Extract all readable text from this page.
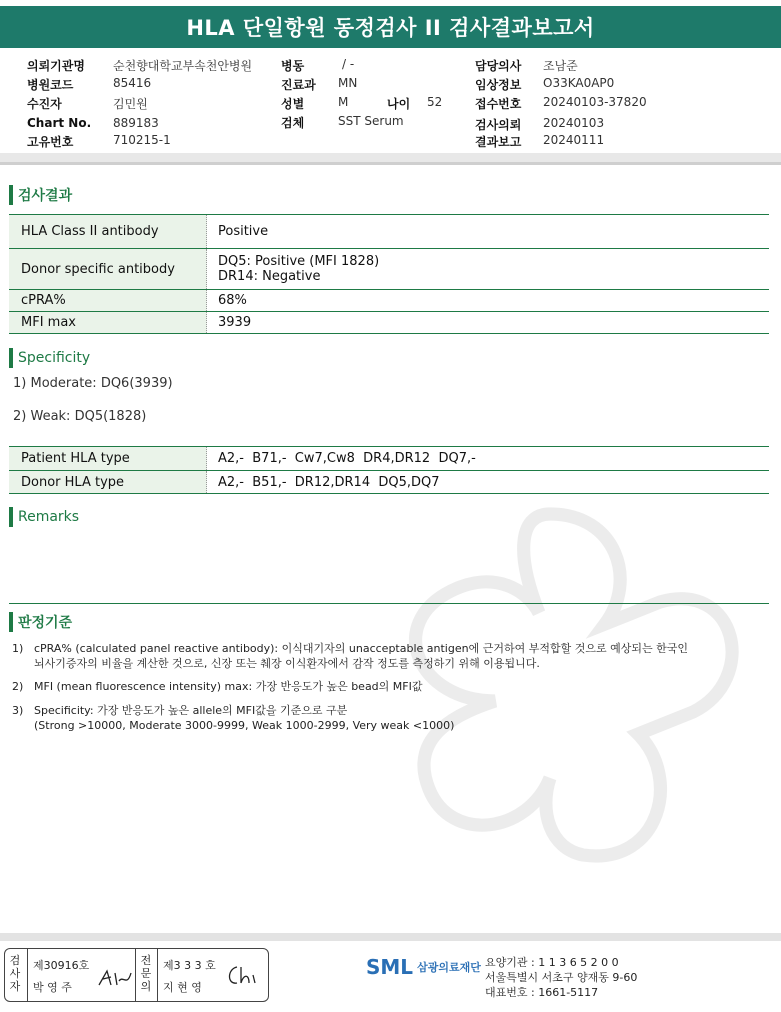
HLA 단일항원 동정검사 II 검사결과보고서
의뢰기관명 순천향대학교부속천안병원
병원코드	85416
수진자	김민원
Chart No. 889183
고유번호	710215-1
병동	/ -
진료과 MN
성별	M	나이 52
검체	SST Serum
담당의사 조남준
임상정보 O33KA0AP0
접수번호 20240103-37820
검사의뢰 20240103
결과보고 20240111
검사결과
HLA Class II antibody	Positive
Donor specific antibody	DQ5: Positive (MFI 1828)
DR14: Negative
cPRA%	68%
MFI max	3939
Specificity
1) Moderate: DQ6(3939)
2) Weak: DQ5(1828)
Patient HLA type	A2,-  B71,-  Cw7,Cw8  DR4,DR12  DQ7,-
Donor HLA type	A2,-  B51,-  DR12,DR14  DQ5,DQ7
Remarks
판정기준
1) cPRA% (calculated panel reactive antibody): 이식대기자의 unacceptable antigen에 근거하여 부적합할 것으로 예상되는 한국인
뇌사기증자의 비율을 계산한 것으로, 신장 또는 췌장 이식환자에서 감작 정도를 측정하기 위해 이용됩니다.
2) MFI (mean fluorescence intensity) max: 가장 반응도가 높은 bead의 MFI값
3) Specificity: 가장 반응도가 높은 allele의 MFI값을 기준으로 구분
(Strong >10000, Moderate 3000-9999, Weak 1000-2999, Very weak <1000)
검사자
제30916호
박 영 주
전문의
제3 3 3 호
지 현 영
SML 삼광의료재단 요양기관 : 1 1 3 6 5 2 0 0
서울특별시 서초구 양재동 9-60
대표번호 : 1661-5117
